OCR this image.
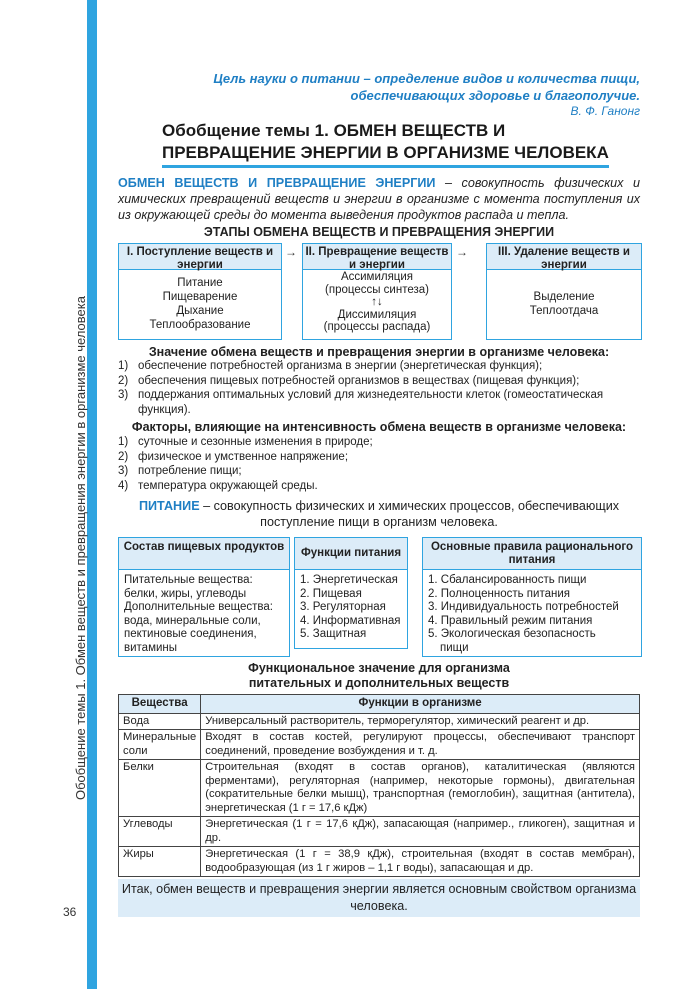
Обобщение темы 1. Обмен веществ и превращения энергии в организме человека
36
Цель науки о питании – определение видов и количества пищи,
обеспечивающих здоровье и благополучие.
В. Ф. Ганонг
Обобщение темы 1. ОБМЕН ВЕЩЕСТВ И
ПРЕВРАЩЕНИЕ ЭНЕРГИИ В ОРГАНИЗМЕ ЧЕЛОВЕКА
ОБМЕН ВЕЩЕСТВ И ПРЕВРАЩЕНИЕ ЭНЕРГИИ – совокупность физических и химических превращений веществ и энергии в организме с момента поступления их из окружающей среды до момента выведения продуктов распада и тепла.
ЭТАПЫ ОБМЕНА ВЕЩЕСТВ И ПРЕВРАЩЕНИЯ ЭНЕРГИИ
I. Поступление веществ и энергии
Питание
Пищеварение
Дыхание
Теплообразование
→ II. Превращение веществ и энергии
Ассимиляция
(процессы синтеза)
↑↓
Диссимиляция
(процессы распада)
→	III. Удаление веществ и энергии
Выделение
Теплоотдача
Значение обмена веществ и превращения энергии в организме человека:
1) обеспечение потребностей организма в энергии (энергетическая функция);
2) обеспечения пищевых потребностей организмов в веществах (пищевая функция);
3) поддержания оптимальных условий для жизнедеятельности клеток (гомеостатическая функция).
Факторы, влияющие на интенсивность обмена веществ в организме человека:
1) суточные и сезонные изменения в природе;
2) физическое и умственное напряжение;
3) потребление пищи;
4) температура окружающей среды.
ПИТАНИЕ – совокупность физических и химических процессов, обеспечивающих поступление пищи в организм человека.
Состав пищевых продуктов
Питательные вещества:
белки, жиры, углеводы
Дополнительные вещества:
вода, минеральные соли,
пектиновые соединения,
витамины
Функции питания
1. Энергетическая
2. Пищевая
3. Регуляторная
4. Информативная
5. Защитная
Основные правила рационального питания
1. Сбалансированность пищи
2. Полноценность питания
3. Индивидуальность потребностей
4. Правильный режим питания
5. Экологическая безопасность
пищи
Функциональное значение для организма
питательных и дополнительных веществ
Вещества	Функции в организме
Вода	Универсальный растворитель, терморегулятор, химический реагент и др.
Минеральные соли	Входят в состав костей, регулируют процессы, обеспечивают транспорт соединений, проведение возбуждения и т. д.
Белки	Строительная (входят в состав органов), каталитическая (являются ферментами), регуляторная (например, некоторые гормоны), двигательная (сократительные белки мышц), транспортная (гемоглобин), защитная (антитела), энергетическая (1 г = 17,6 кДж)
Углеводы	Энергетическая (1 г = 17,6 кДж), запасающая (например., гликоген), защитная и др.
Жиры	Энергетическая (1 г = 38,9 кДж), строительная (входят в состав мембран), водообразующая (из 1 г жиров – 1,1 г воды), запасающая и др.
Итак, обмен веществ и превращения энергии является основным свойством организма человека.
